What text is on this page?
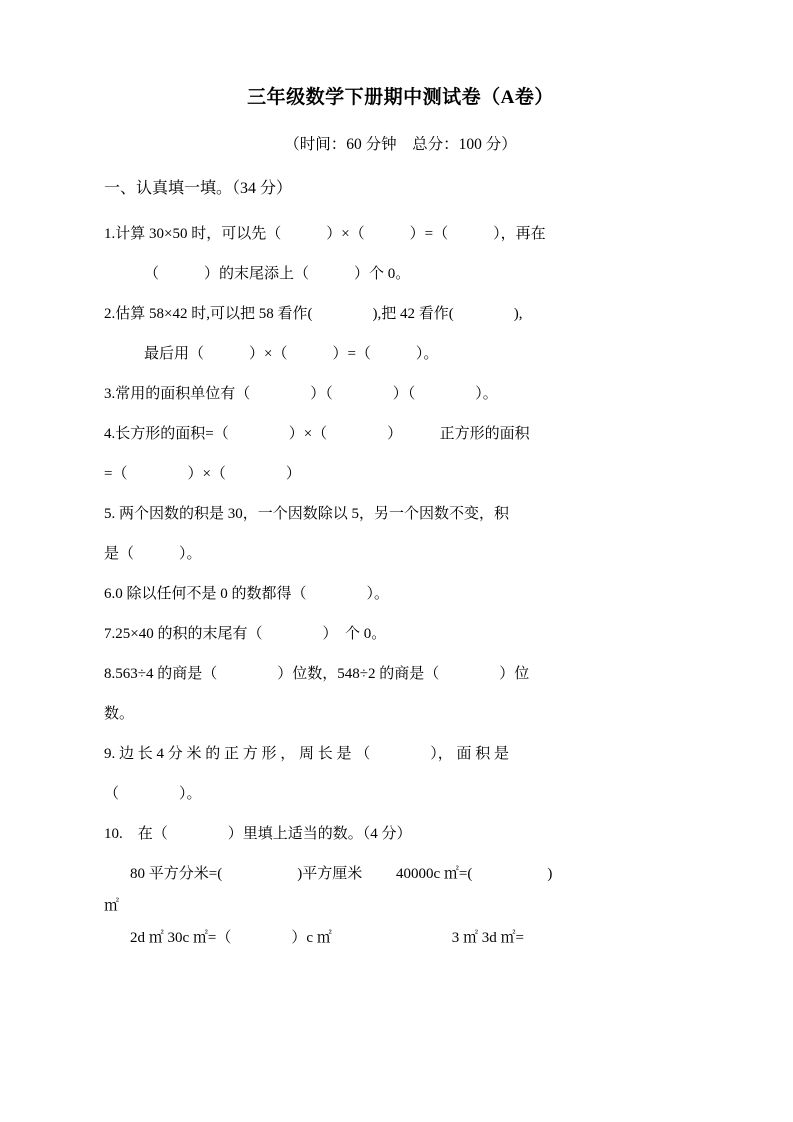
三年级数学下册期中测试卷（A卷）
（时间：60 分钟　总分：100 分）
一、认真填一填。（34 分）
1.计算 30×50 时，可以先（　　　）×（　　　）=（　　　），再在
（　　　）的末尾添上（　　　）个 0。
2.估算 58×42 时,可以把 58 看作(　　　　),把 42 看作(　　　　),
最后用（　　　）×（　　　）=（　　　）。
3.常用的面积单位有（　　　　）（　　　　）（　　　　）。
4.长方形的面积=（　　　　）×（　　　　）　　　正方形的面积
=（　　　　）×（　　　　）
5. 两个因数的积是 30，一个因数除以 5，另一个因数不变，积
是（　　　）。
6.0 除以任何不是 0 的数都得（　　　　）。
7.25×40 的积的末尾有（　　　　）　个 0。
8.563÷4 的商是（　　　　）位数，548÷2 的商是（　　　　）位
数。
9. 边 长 4 分 米 的 正 方 形 ， 周 长 是 （　　　　）， 面 积 是
（　　　　）。
10.　在（　　　　）里填上适当的数。（4 分）
80 平方分米=(　　　　　)平方厘米　　 40000c ㎡=(　　　　　)
㎡
2d ㎡ 30c ㎡=（　　　　）c ㎡　　　　　　　　3 ㎡ 3d ㎡=
